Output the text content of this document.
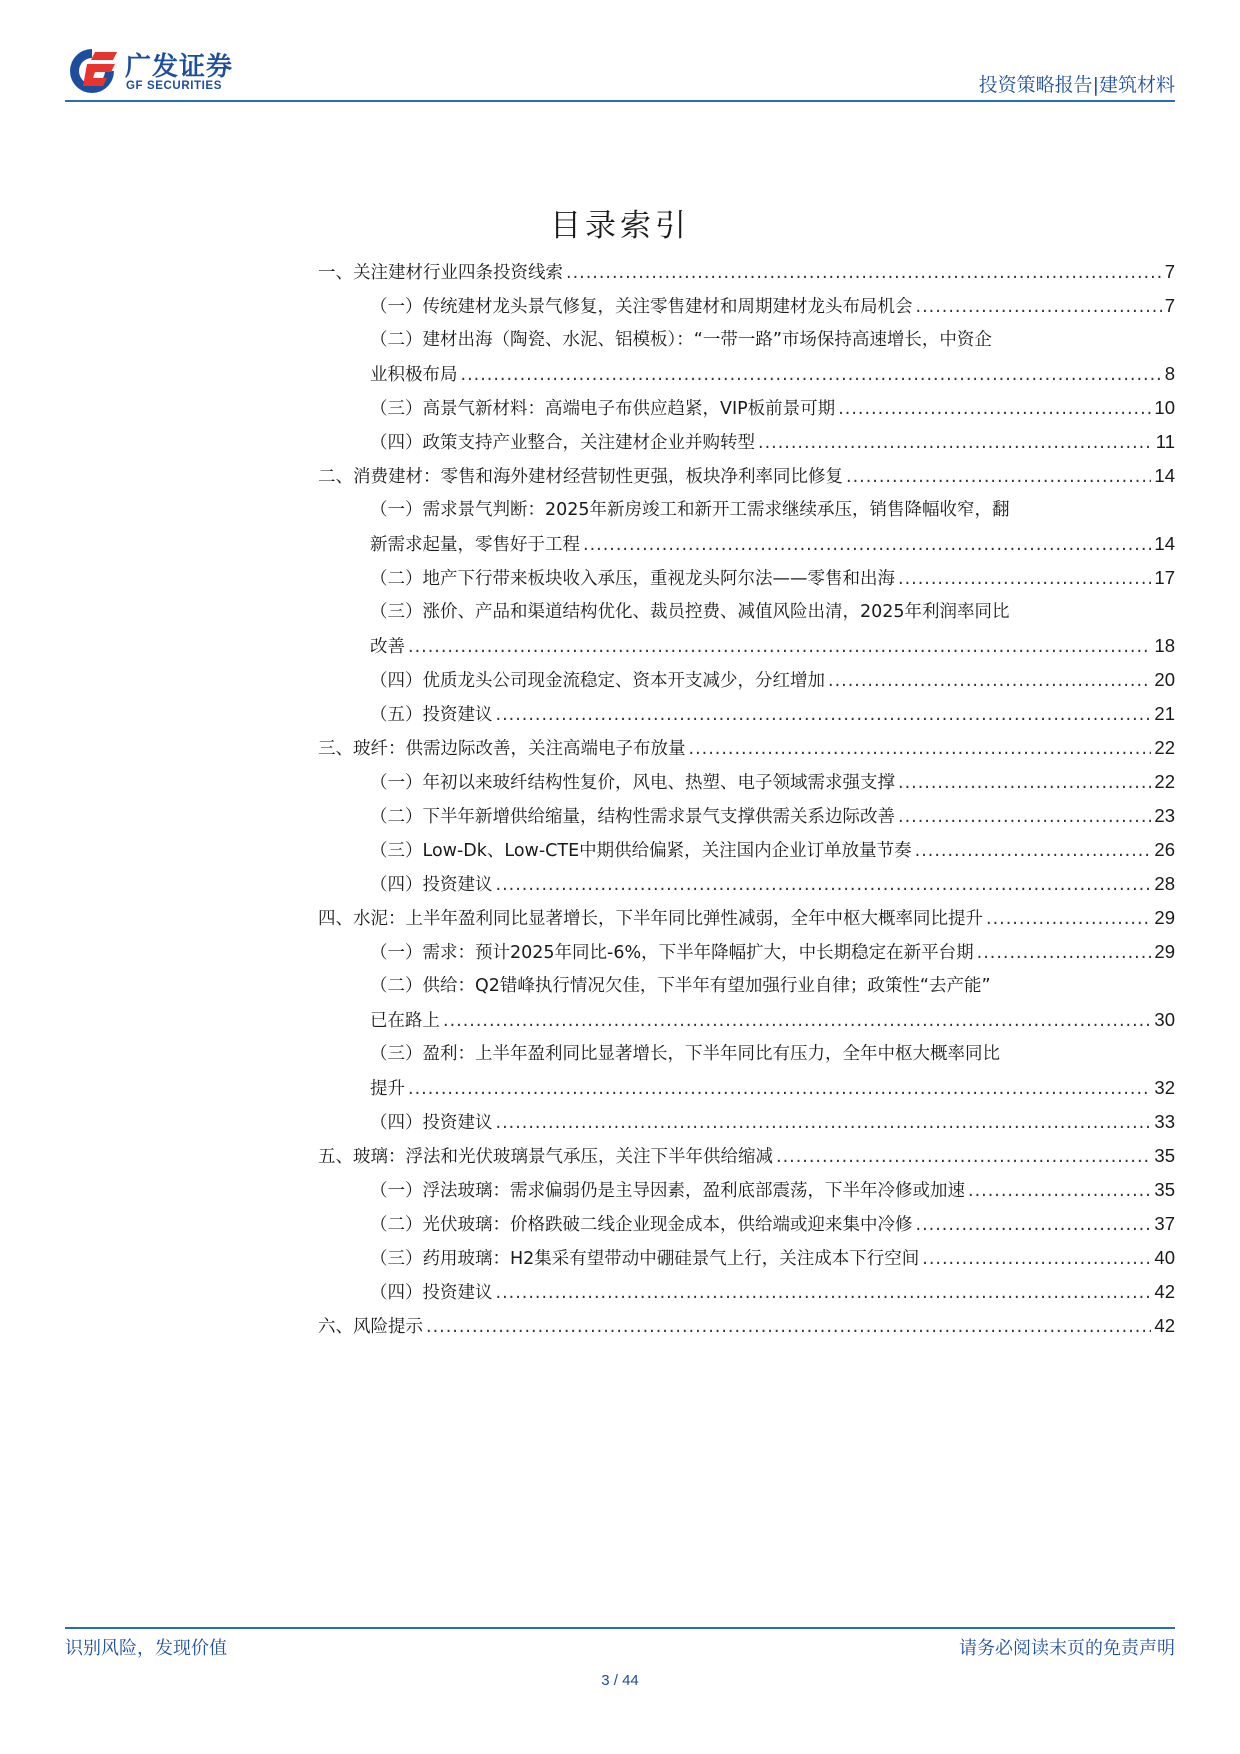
广发证券
GF SECURITIES	投资策略报告|建筑材料
目录索引
一、关注建材行业四条投资线索 .....	7
（一）传统建材龙头景气修复，关注零售建材和周期建材龙头布局机会 .....	7
（二）建材出海（陶瓷、水泥、铝模板）：“一带一路”市场保持高速增长，中资企
业积极布局 .....	8
（三）高景气新材料：高端电子布供应趋紧，VIP板前景可期 .....	10
（四）政策支持产业整合，关注建材企业并购转型 .....	11
二、消费建材：零售和海外建材经营韧性更强，板块净利率同比修复 .....	14
（一）需求景气判断：2025年新房竣工和新开工需求继续承压，销售降幅收窄，翻
新需求起量，零售好于工程 .....	14
（二）地产下行带来板块收入承压，重视龙头阿尔法——零售和出海 .....	17
（三）涨价、产品和渠道结构优化、裁员控费、减值风险出清，2025年利润率同比
改善 .....	18
（四）优质龙头公司现金流稳定、资本开支减少，分红增加 .....	20
（五）投资建议 .....	21
三、玻纤：供需边际改善，关注高端电子布放量 .....	22
（一）年初以来玻纤结构性复价，风电、热塑、电子领域需求强支撑 .....	22
（二）下半年新增供给缩量，结构性需求景气支撑供需关系边际改善 .....	23
（三）Low-Dk、Low-CTE中期供给偏紧，关注国内企业订单放量节奏 .....	26
（四）投资建议 .....	28
四、水泥：上半年盈利同比显著增长，下半年同比弹性减弱，全年中枢大概率同比提升 .....	29
（一）需求：预计2025年同比-6%，下半年降幅扩大，中长期稳定在新平台期 .....	29
（二）供给：Q2错峰执行情况欠佳，下半年有望加强行业自律；政策性“去产能”
已在路上 .....	30
（三）盈利：上半年盈利同比显著增长，下半年同比有压力，全年中枢大概率同比
提升 .....	32
（四）投资建议 .....	33
五、玻璃：浮法和光伏玻璃景气承压，关注下半年供给缩减 .....	35
（一）浮法玻璃：需求偏弱仍是主导因素，盈利底部震荡，下半年冷修或加速 .....	35
（二）光伏玻璃：价格跌破二线企业现金成本，供给端或迎来集中冷修 .....	37
（三）药用玻璃：H2集采有望带动中硼硅景气上行，关注成本下行空间 .....	40
（四）投资建议 .....	42
六、风险提示 .....	42
识别风险，发现价值	请务必阅读末页的免责声明
3 / 44
